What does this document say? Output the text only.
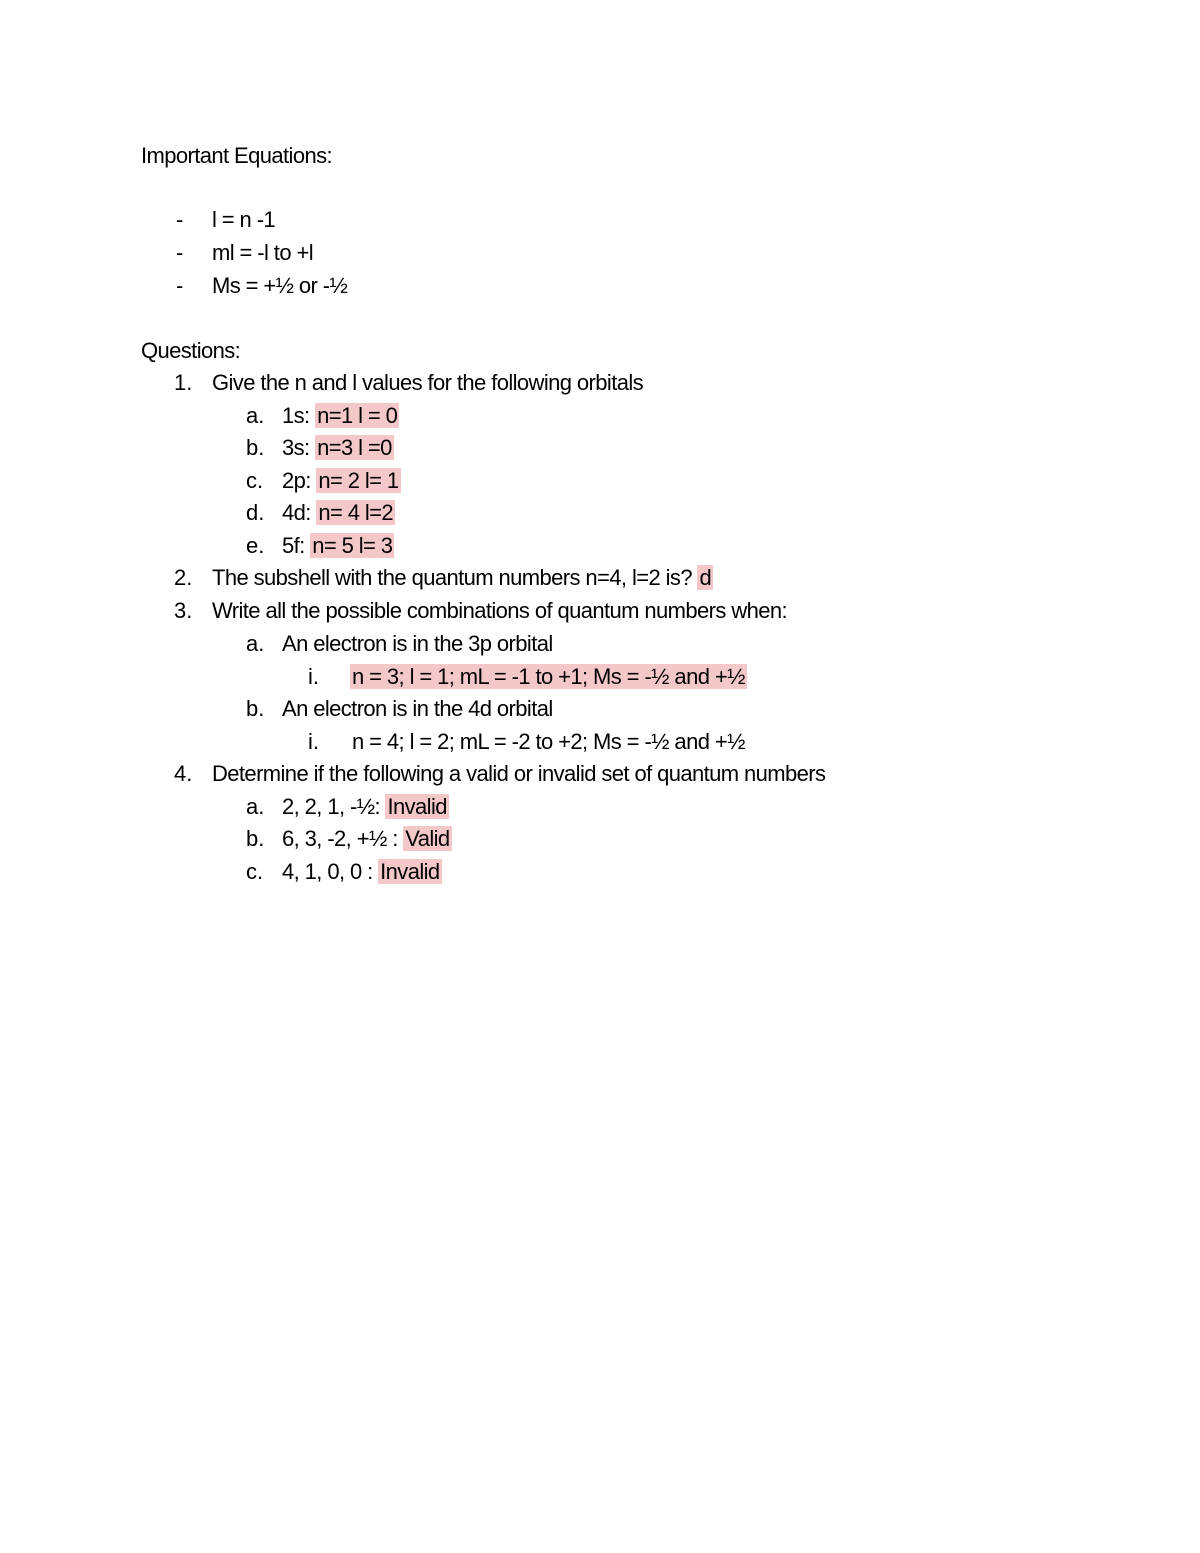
Important Equations:
- l = n -1
- ml = -l to +l
- Ms = +½ or -½
Questions:
1. Give the n and l values for the following orbitals
a. 1s: n=1 l = 0
b. 3s: n=3 l =0
c. 2p: n= 2 l= 1
d. 4d: n= 4 l=2
e. 5f: n= 5 l= 3
2. The subshell with the quantum numbers n=4, l=2 is? d
3. Write all the possible combinations of quantum numbers when:
a. An electron is in the 3p orbital
i. n = 3; l = 1; mL = -1 to +1; Ms = -½ and +½
b. An electron is in the 4d orbital
i. n = 4; l = 2; mL = -2 to +2; Ms = -½ and +½
4. Determine if the following a valid or invalid set of quantum numbers
a. 2, 2, 1, -½: Invalid
b. 6, 3, -2, +½ : Valid
c. 4, 1, 0, 0 : Invalid
